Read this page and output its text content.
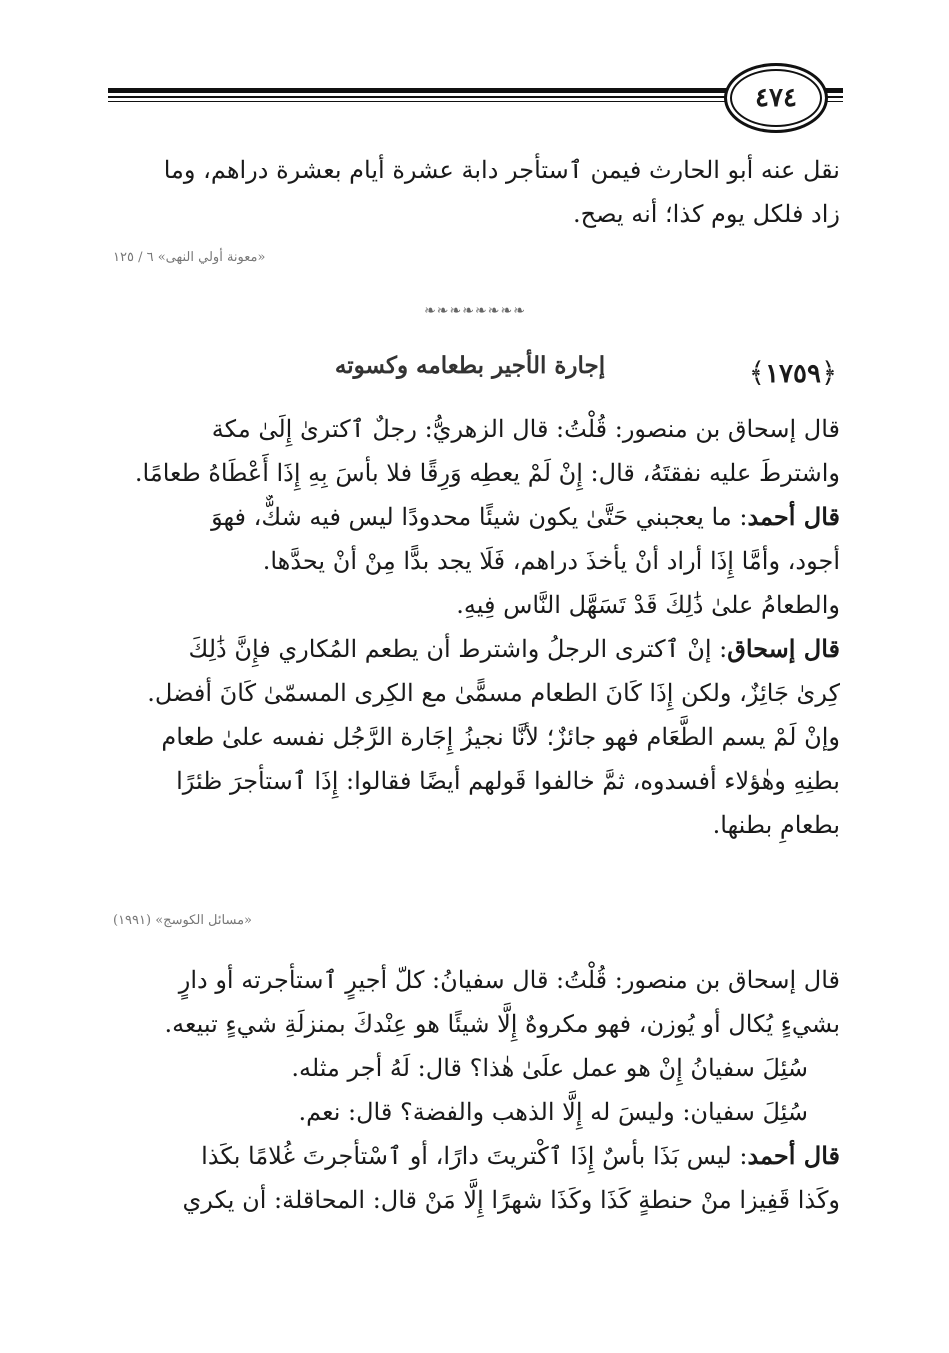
٤٧٤
نقل عنه أبو الحارث فيمن ٱستأجر دابة عشرة أيام بعشرة دراهم، وما
زاد فلكل يوم كذا؛ أنه يصح.
«معونة أولي النهى» ٦ / ١٢٥
❧❧❧❧❧❧❧❧
﴿١٧٥٩﴾
إجارة الأجير بطعامه وكسوته
قال إسحاق بن منصور: قُلْتُ: قال الزهريُّ: رجلٌ ٱكترىٰ إِلَىٰ مكة
واشترطَ عليه نفقتَهُ، قال: إِنْ لَمْ يعطِه وَرِقًا فلا بأسَ بِهِ إِذَا أَعْطَاهُ طعامًا.
قال أحمد: ما يعجبني حَتَّىٰ يكون شيئًا محدودًا ليس فيه شكٌّ، فهوَ
أجود، وأمَّا إِذَا أراد أنْ يأخذَ دراهم، فَلَا يجد بدًّا مِنْ أنْ يحدَّها.
والطعامُ علىٰ ذَٰلِكَ قَدْ تَسَهَّل النَّاس فِيهِ.
قال إسحاق: إنْ ٱكترى الرجلُ واشترط أن يطعم المُكاري فإِنَّ ذَٰلِكَ
كِرىٰ جَائِزٌ، ولكن إِذَا كَانَ الطعام مسمًّىٰ مع الكِرى المسمّىٰ كَانَ أفضل.
وإنْ لَمْ يسم الطَّعَام فهو جائزٌ؛ لأنَّا نجيزُ إِجَارة الرَّجُل نفسه علىٰ طعام
بطنِهِ وهٰؤلاء أفسدوه، ثمَّ خالفوا قَولهم أيضًا فقالوا: إِذَا ٱستأجرَ ظئرًا
بطعامِ بطنها.
«مسائل الكوسج» (١٩٩١)
قال إسحاق بن منصور: قُلْتُ: قال سفيانُ: كلّ أجيرٍ ٱستأجرته أو دارٍ
بشيءٍ يُكال أو يُوزن، فهو مكروهٌ إِلَّا شيئًا هو عِنْدكَ بمنزلَةِ شيءٍ تبيعه.
سُئِلَ سفيانُ إِنْ هو عمل علَىٰ هٰذا؟ قال: لَهُ أجر مثله.
سُئِلَ سفيان: وليسَ له إِلَّا الذهب والفضة؟ قال: نعم.
قال أحمد: ليس بَذَا بأسٌ إِذَا ٱكْتريتَ دارًا، أو ٱسْتأجرتَ غُلامًا بكَذا
وكَذا قَفِيزا منْ حنطةٍ كَذَا وكَذَا شهرًا إِلَّا مَنْ قال: المحاقلة: أن يكري
